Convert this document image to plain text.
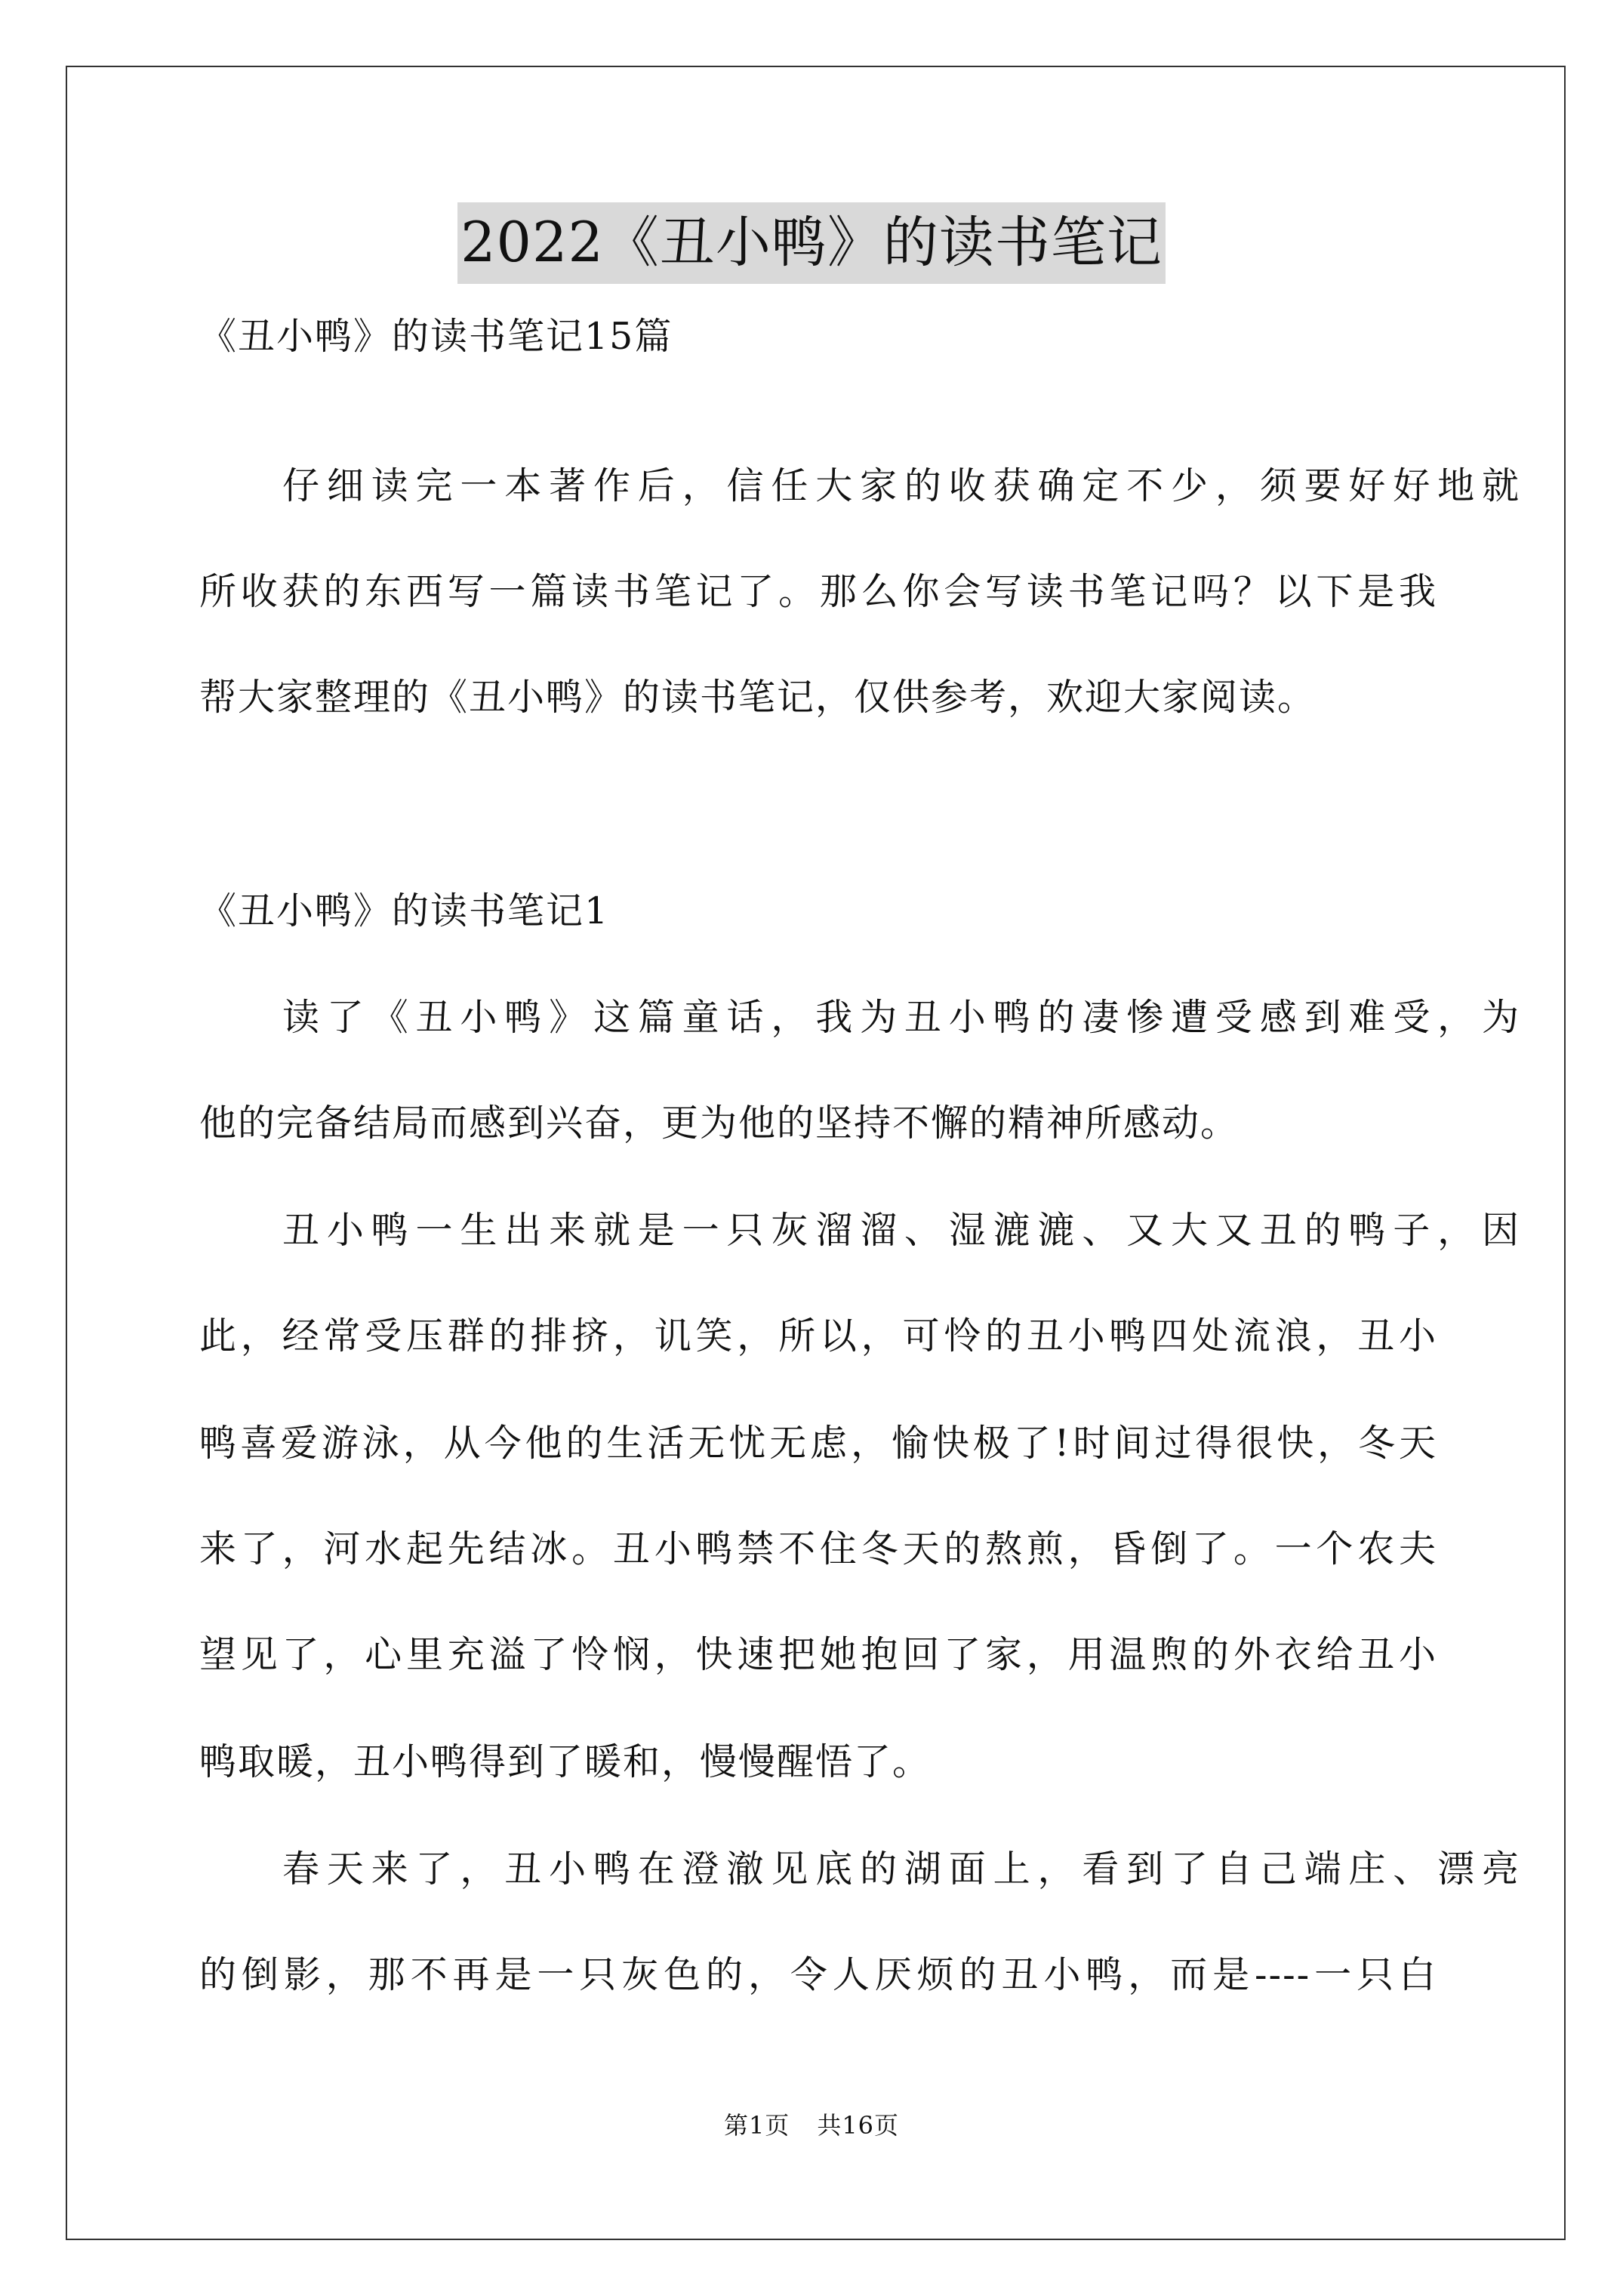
2022《丑小鸭》的读书笔记
《丑小鸭》的读书笔记15篇
仔细读完一本著作后，信任大家的收获确定不少，须要好好地就
所收获的东西写一篇读书笔记了。那么你会写读书笔记吗？以下是我
帮大家整理的《丑小鸭》的读书笔记，仅供参考，欢迎大家阅读。
《丑小鸭》的读书笔记1
读了《丑小鸭》这篇童话，我为丑小鸭的凄惨遭受感到难受，为
他的完备结局而感到兴奋，更为他的坚持不懈的精神所感动。
丑小鸭一生出来就是一只灰溜溜、湿漉漉、又大又丑的鸭子，因
此，经常受压群的排挤，讥笑，所以，可怜的丑小鸭四处流浪，丑小
鸭喜爱游泳，从今他的生活无忧无虑，愉快极了!时间过得很快，冬天
来了，河水起先结冰。丑小鸭禁不住冬天的熬煎，昏倒了。一个农夫
望见了，心里充溢了怜悯，快速把她抱回了家，用温煦的外衣给丑小
鸭取暖，丑小鸭得到了暖和，慢慢醒悟了。
春天来了，丑小鸭在澄澈见底的湖面上，看到了自己端庄、漂亮
的倒影，那不再是一只灰色的，令人厌烦的丑小鸭，而是----一只白
第1页 共16页
